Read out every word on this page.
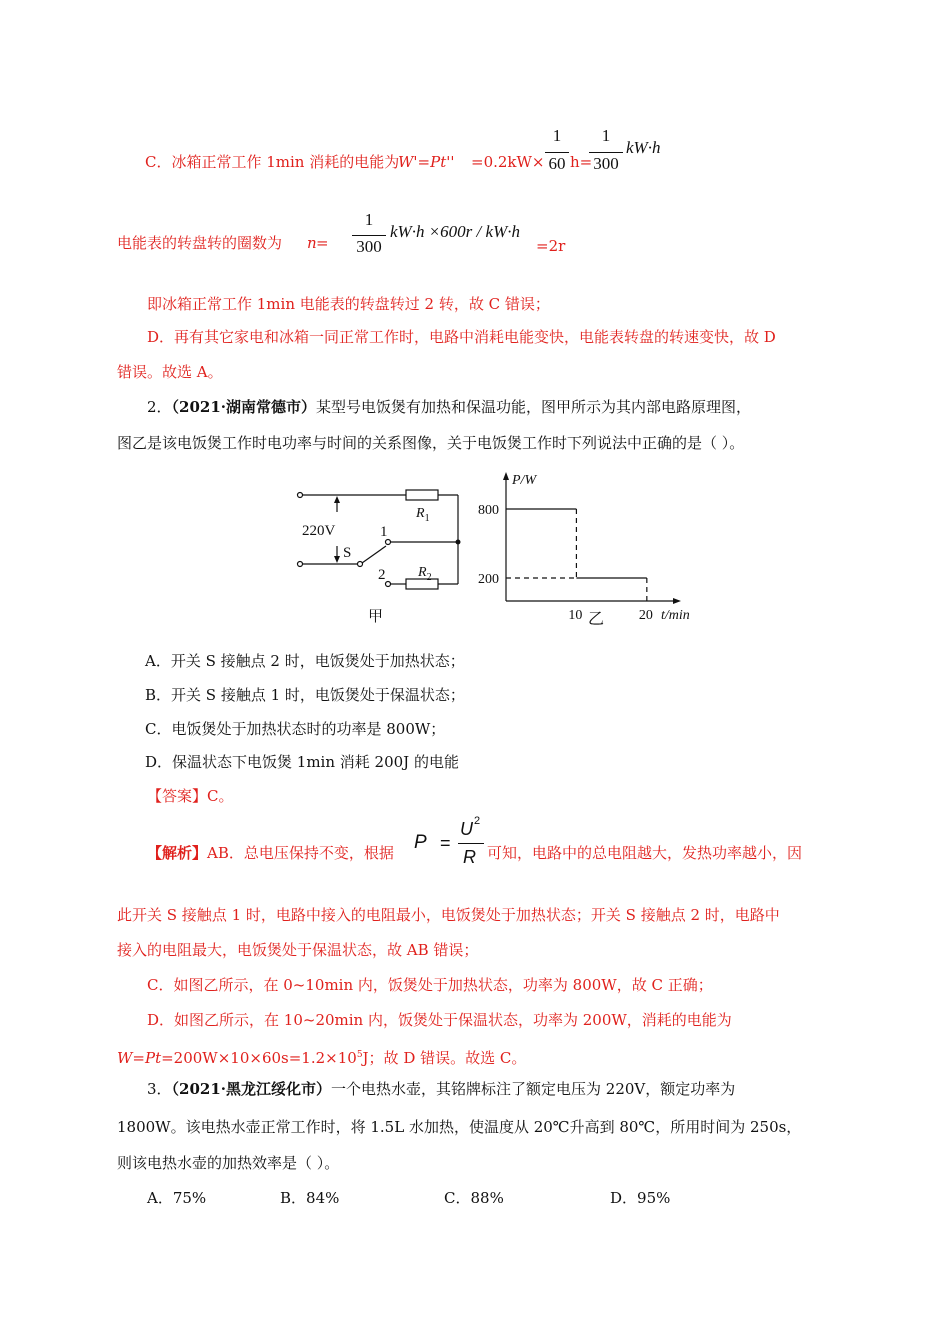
C．冰箱正常工作 1min 消耗的电能为
W'=Pt'' =0.2kW×
1
60 h=
1
300
kW·h
电能表的转盘转的圈数为 n =
1
300
kW·h ×600r / kW·h
=2r
即冰箱正常工作 1min 电能表的转盘转过 2 转，故 C 错误；
D．再有其它家电和冰箱一同正常工作时，电路中消耗电能变快，电能表转盘的转速变快，故 D
错误。故选 A。
2．（2021·湖南常德市）某型号电饭煲有加热和保温功能，图甲所示为其内部电路原理图，
图乙是该电饭煲工作时电功率与时间的关系图像，关于电饭煲工作时下列说法中正确的是（ ）。
220V
S
1
2
$R_1$
$R_2$
甲
P/W
t/min
800
200
10	20
乙
A．开关 S 接触点 2 时，电饭煲处于加热状态；
B．开关 S 接触点 1 时，电饭煲处于保温状态；
C．电饭煲处于加热状态时的功率是 800W；
D．保温状态下电饭煲 1min 消耗 200J 的电能
【答案】C。
【解析】AB．总电压保持不变，根据 P =
U 2
R 可知，电路中的总电阻越大，发热功率越小，因
此开关 S 接触点 1 时，电路中接入的电阻最小，电饭煲处于加热状态；开关 S 接触点 2 时，电路中
接入的电阻最大，电饭煲处于保温状态，故 AB 错误；
C．如图乙所示，在 0~10min 内，饭煲处于加热状态，功率为 800W，故 C 正确；
D．如图乙所示，在 10~20min 内，饭煲处于保温状态，功率为 200W，消耗的电能为
$W=Pt=200W\times 10\times 60s=1.2\times 10^5J$；故 D 错误。故选 C。
3．（2021·黑龙江绥化市）一个电热水壶，其铭牌标注了额定电压为 220V，额定功率为
1800W。该电热水壶正常工作时，将 1.5L 水加热，使温度从 20℃升高到 80℃，所用时间为 250s，
则该电热水壶的加热效率是（ ）。
A．75%	B．84%	C．88%	D．95%
